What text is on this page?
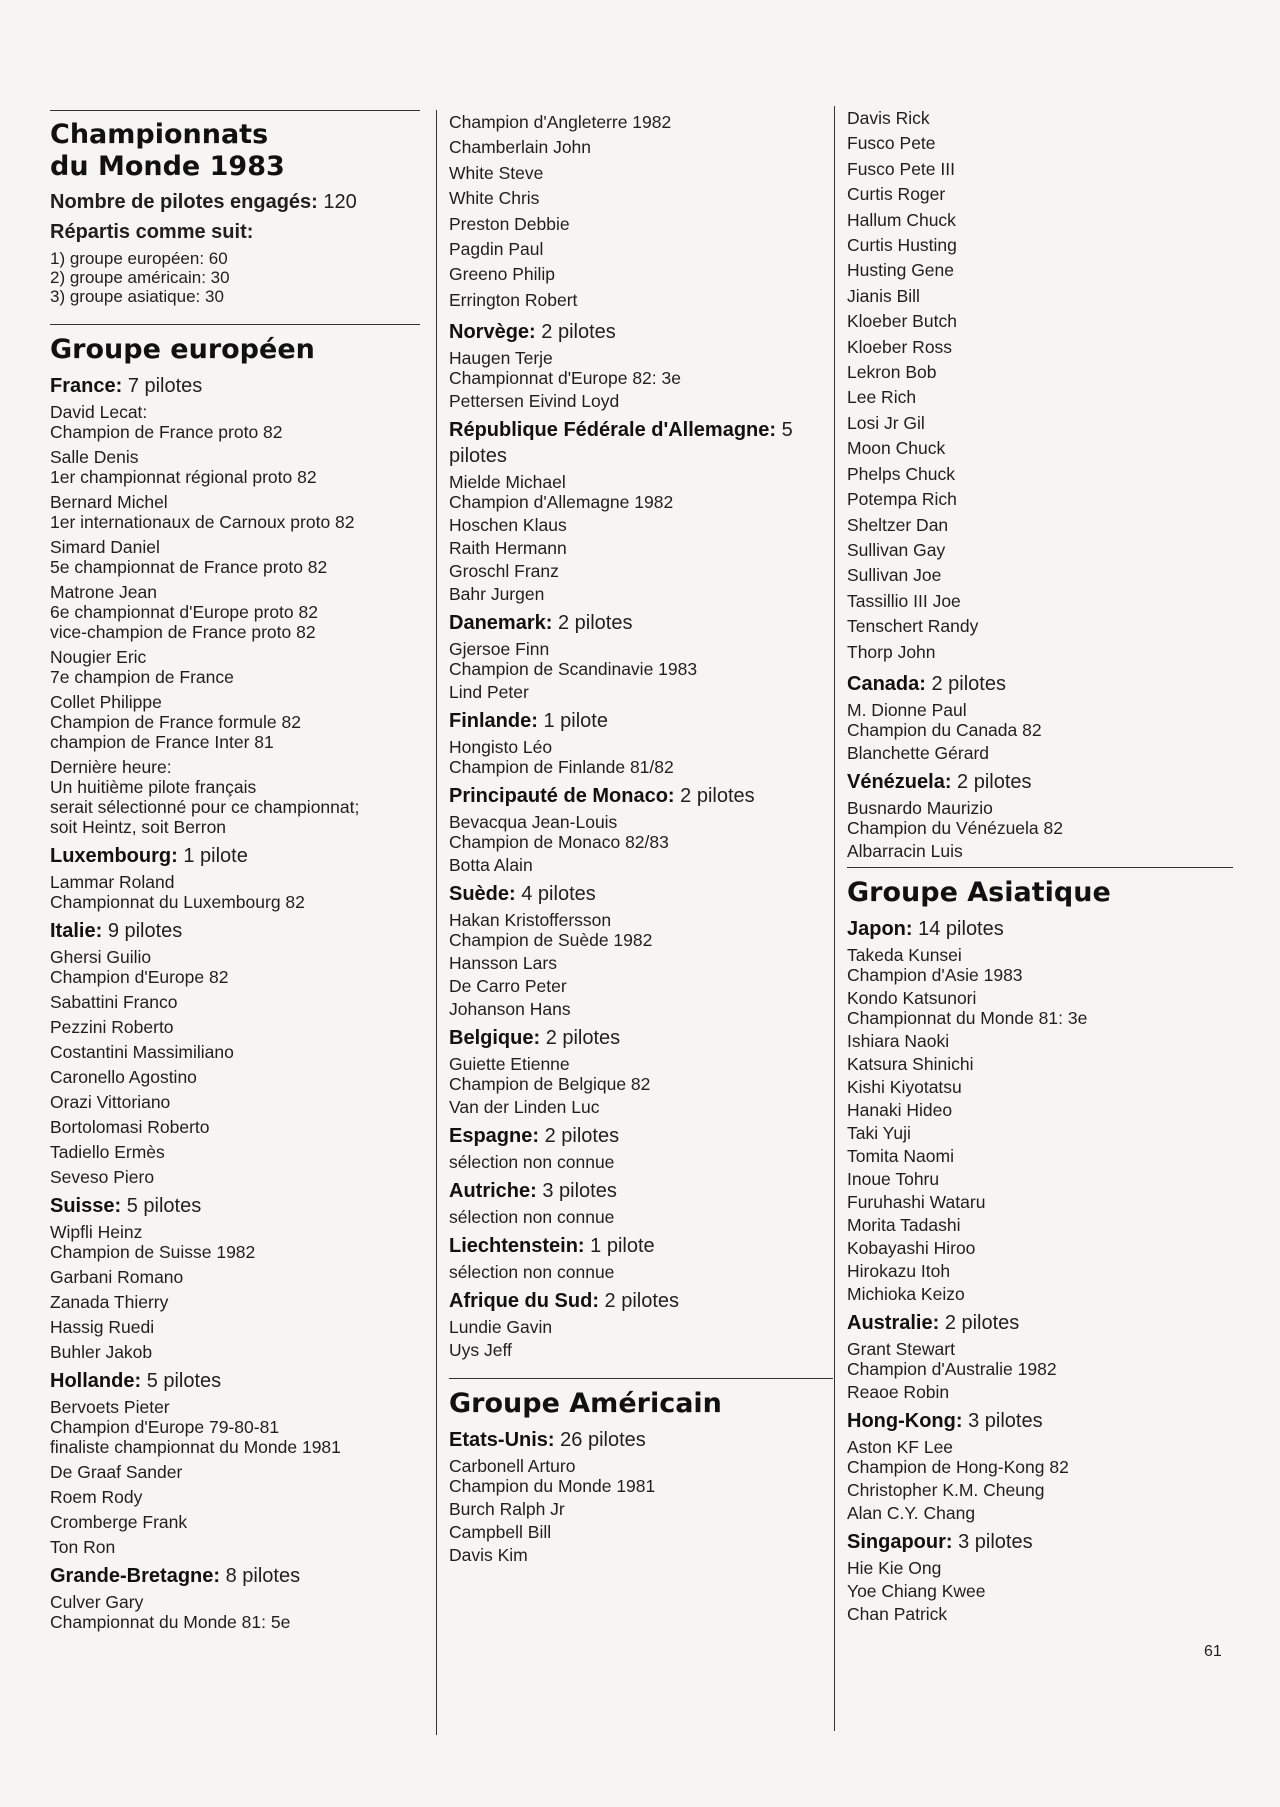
Championnats
du Monde 1983
Nombre de pilotes engagés: 120
Répartis comme suit:
1) groupe européen: 60
2) groupe américain: 30
3) groupe asiatique: 30
Groupe européen
France: 7 pilotes
David Lecat:
Champion de France proto 82
Salle Denis
1er championnat régional proto 82
Bernard Michel
1er internationaux de Carnoux proto 82
Simard Daniel
5e championnat de France proto 82
Matrone Jean
6e championnat d'Europe proto 82
vice-champion de France proto 82
Nougier Eric
7e champion de France
Collet Philippe
Champion de France formule 82
champion de France Inter 81
Dernière heure:
Un huitième pilote français
serait sélectionné pour ce championnat;
soit Heintz, soit Berron
Luxembourg: 1 pilote
Lammar Roland
Championnat du Luxembourg 82
Italie: 9 pilotes
Ghersi Guilio
Champion d'Europe 82
Sabattini Franco
Pezzini Roberto
Costantini Massimiliano
Caronello Agostino
Orazi Vittoriano
Bortolomasi Roberto
Tadiello Ermès
Seveso Piero
Suisse: 5 pilotes
Wipfli Heinz
Champion de Suisse 1982
Garbani Romano
Zanada Thierry
Hassig Ruedi
Buhler Jakob
Hollande: 5 pilotes
Bervoets Pieter
Champion d'Europe 79-80-81
finaliste championnat du Monde 1981
De Graaf Sander
Roem Rody
Cromberge Frank
Ton Ron
Grande-Bretagne: 8 pilotes
Culver Gary
Championnat du Monde 81: 5e
Champion d'Angleterre 1982
Chamberlain John
White Steve
White Chris
Preston Debbie
Pagdin Paul
Greeno Philip
Errington Robert
Norvège: 2 pilotes
Haugen Terje
Championnat d'Europe 82: 3e
Pettersen Eivind Loyd
République Fédérale d'Allemagne: 5 pilotes
Mielde Michael
Champion d'Allemagne 1982
Hoschen Klaus
Raith Hermann
Groschl Franz
Bahr Jurgen
Danemark: 2 pilotes
Gjersoe Finn
Champion de Scandinavie 1983
Lind Peter
Finlande: 1 pilote
Hongisto Léo
Champion de Finlande 81/82
Principauté de Monaco: 2 pilotes
Bevacqua Jean-Louis
Champion de Monaco 82/83
Botta Alain
Suède: 4 pilotes
Hakan Kristoffersson
Champion de Suède 1982
Hansson Lars
De Carro Peter
Johanson Hans
Belgique: 2 pilotes
Guiette Etienne
Champion de Belgique 82
Van der Linden Luc
Espagne: 2 pilotes
sélection non connue
Autriche: 3 pilotes
sélection non connue
Liechtenstein: 1 pilote
sélection non connue
Afrique du Sud: 2 pilotes
Lundie Gavin
Uys Jeff
Groupe Américain
Etats-Unis: 26 pilotes
Carbonell Arturo
Champion du Monde 1981
Burch Ralph Jr
Campbell Bill
Davis Kim
Davis Rick
Fusco Pete
Fusco Pete III
Curtis Roger
Hallum Chuck
Curtis Husting
Husting Gene
Jianis Bill
Kloeber Butch
Kloeber Ross
Lekron Bob
Lee Rich
Losi Jr Gil
Moon Chuck
Phelps Chuck
Potempa Rich
Sheltzer Dan
Sullivan Gay
Sullivan Joe
Tassillio III Joe
Tenschert Randy
Thorp John
Canada: 2 pilotes
M. Dionne Paul
Champion du Canada 82
Blanchette Gérard
Vénézuela: 2 pilotes
Busnardo Maurizio
Champion du Vénézuela 82
Albarracin Luis
Groupe Asiatique
Japon: 14 pilotes
Takeda Kunsei
Champion d'Asie 1983
Kondo Katsunori
Championnat du Monde 81: 3e
Ishiara Naoki
Katsura Shinichi
Kishi Kiyotatsu
Hanaki Hideo
Taki Yuji
Tomita Naomi
Inoue Tohru
Furuhashi Wataru
Morita Tadashi
Kobayashi Hiroo
Hirokazu Itoh
Michioka Keizo
Australie: 2 pilotes
Grant Stewart
Champion d'Australie 1982
Reaoe Robin
Hong-Kong: 3 pilotes
Aston KF Lee
Champion de Hong-Kong 82
Christopher K.M. Cheung
Alan C.Y. Chang
Singapour: 3 pilotes
Hie Kie Ong
Yoe Chiang Kwee
Chan Patrick
61
